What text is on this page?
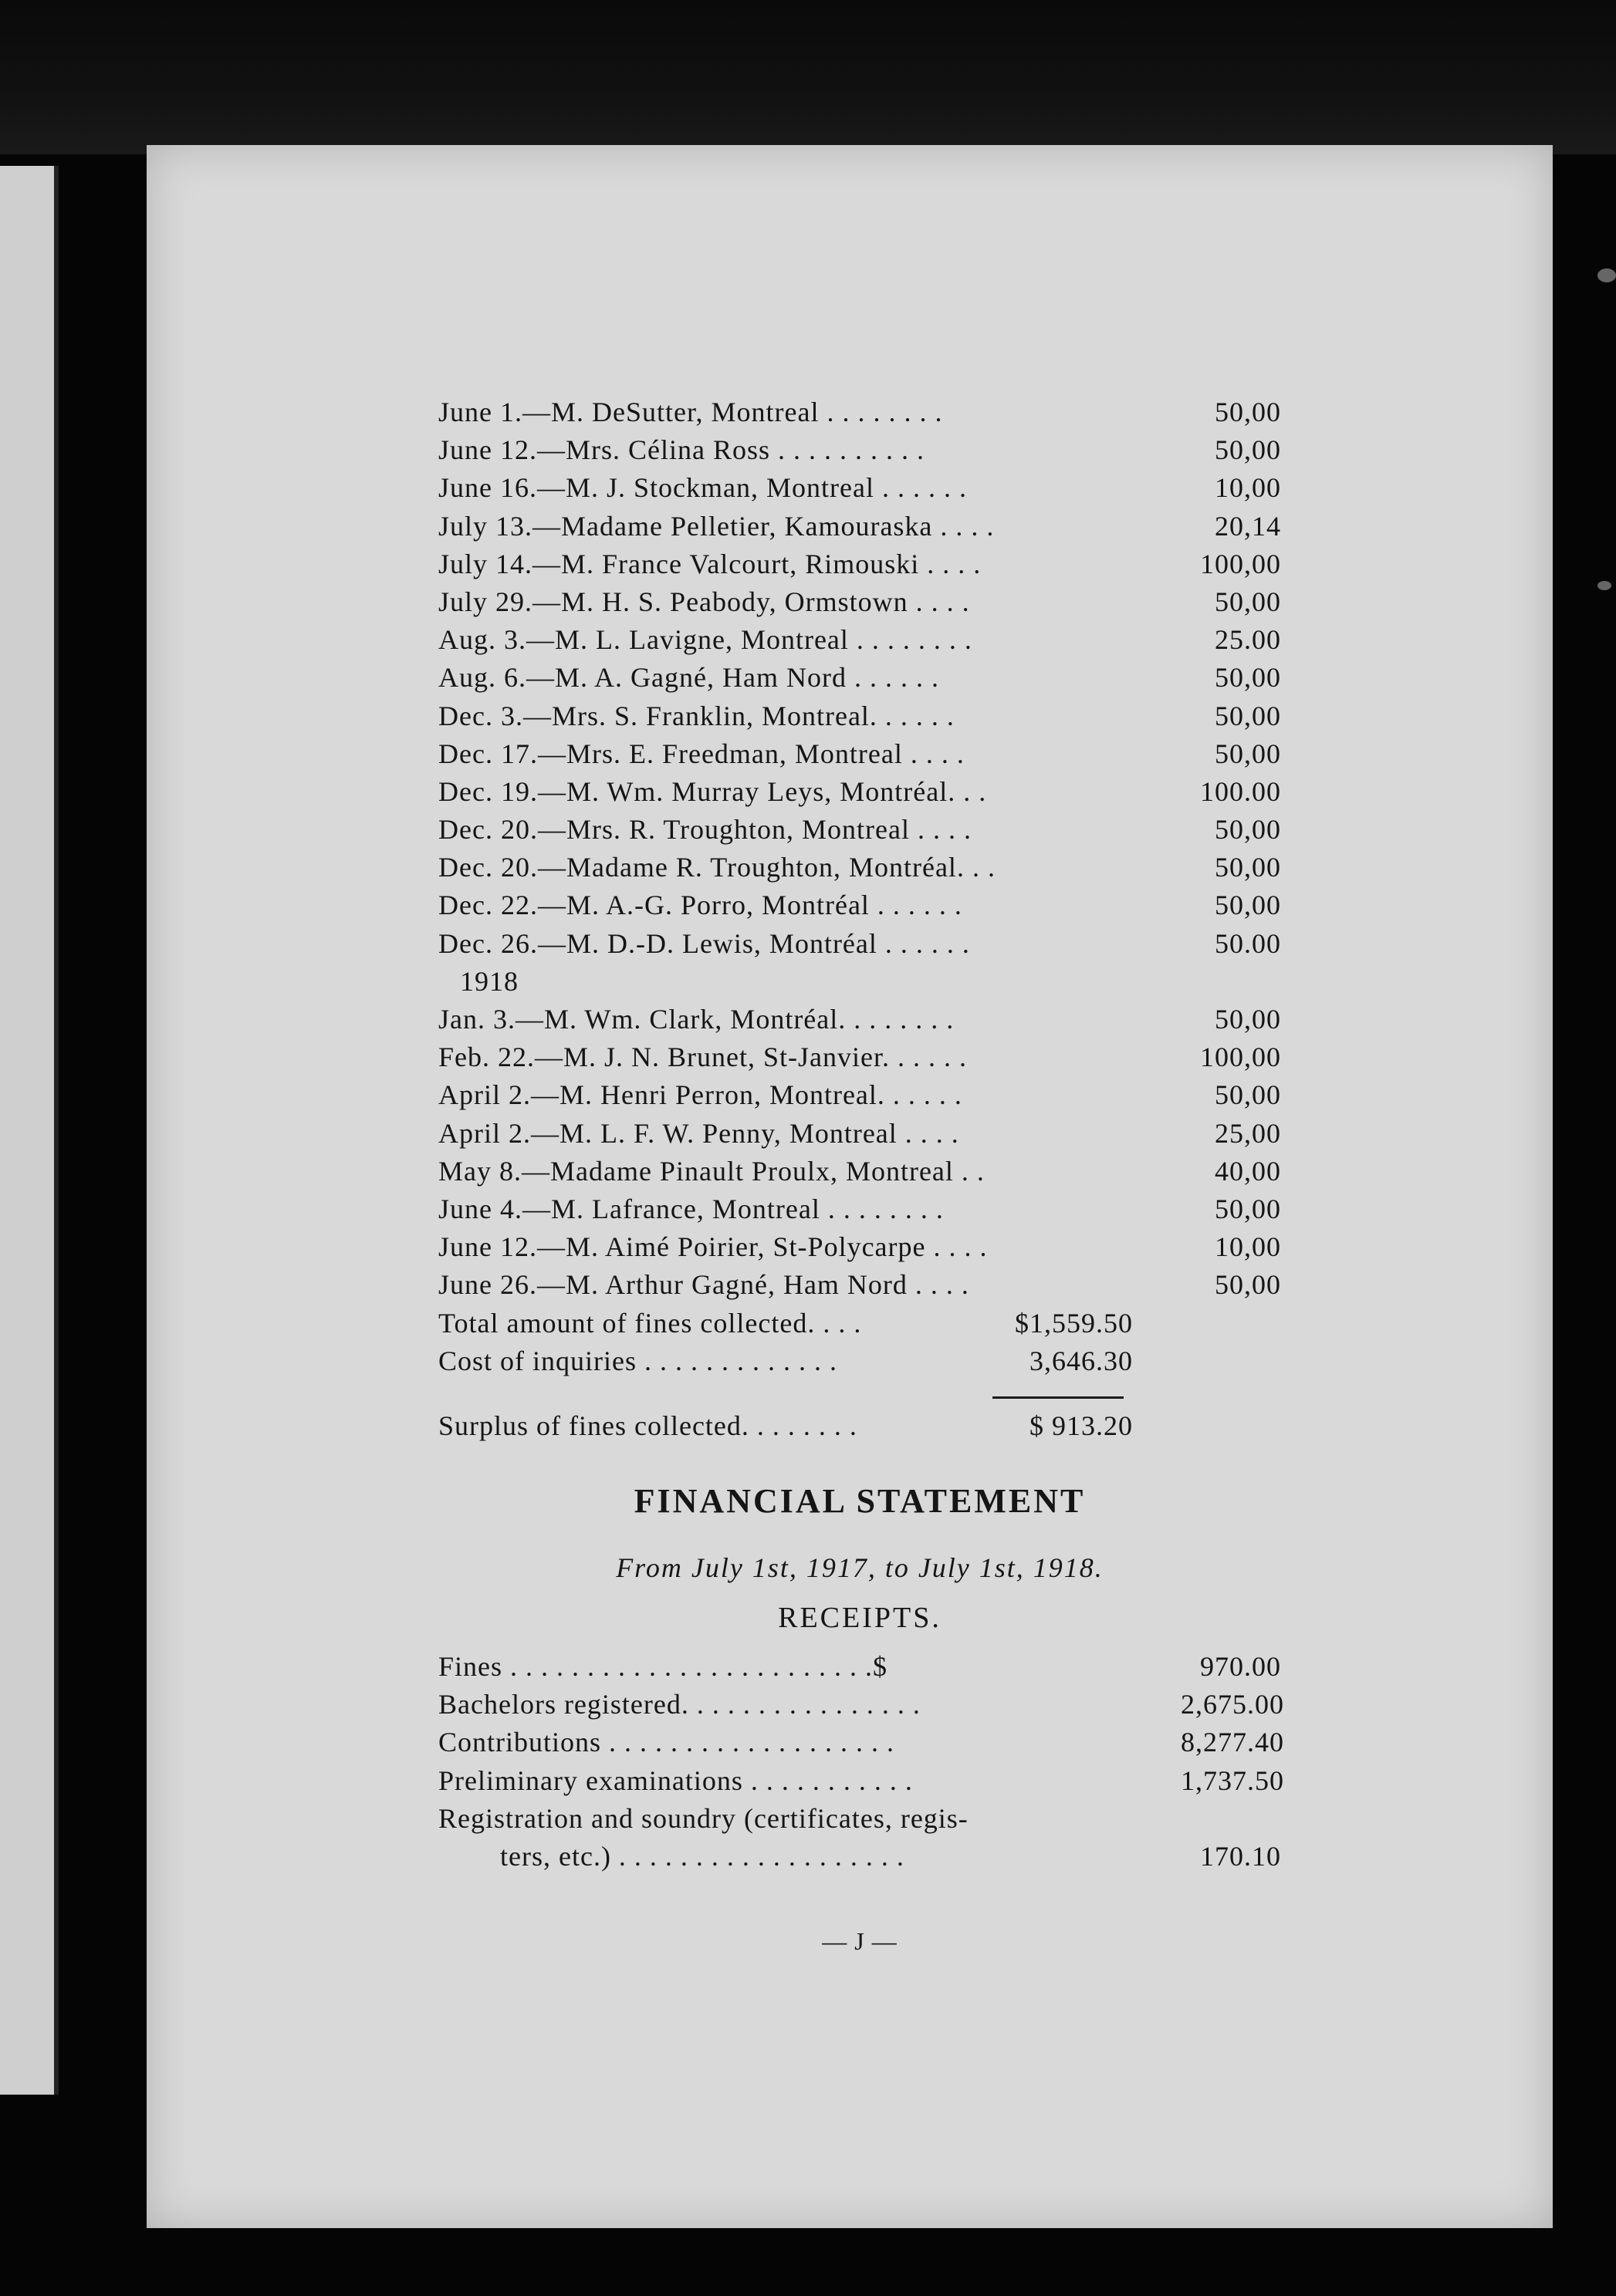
June 1.—M. DeSutter, Montreal . . . . . . . .	50,00
June 12.—Mrs. Célina Ross . . . . . . . . . .	50,00
June 16.—M. J. Stockman, Montreal . . . . . .	10,00
July 13.—Madame Pelletier, Kamouraska . . . .	20,14
July 14.—M. France Valcourt, Rimouski . . . .	100,00
July 29.—M. H. S. Peabody, Ormstown . . . .	50,00
Aug. 3.—M. L. Lavigne, Montreal . . . . . . . .	25.00
Aug. 6.—M. A. Gagné, Ham Nord . . . . . .	50,00
Dec. 3.—Mrs. S. Franklin, Montreal. . . . . .	50,00
Dec. 17.—Mrs. E. Freedman, Montreal . . . .	50,00
Dec. 19.—M. Wm. Murray Leys, Montréal. . .	100.00
Dec. 20.—Mrs. R. Troughton, Montreal . . . .	50,00
Dec. 20.—Madame R. Troughton, Montréal. . .	50,00
Dec. 22.—M. A.-G. Porro, Montréal . . . . . .	50,00
Dec. 26.—M. D.-D. Lewis, Montréal . . . . . .	50.00
1918
Jan. 3.—M. Wm. Clark, Montréal. . . . . . . .	50,00
Feb. 22.—M. J. N. Brunet, St-Janvier. . . . . .	100,00
April 2.—M. Henri Perron, Montreal. . . . . .	50,00
April 2.—M. L. F. W. Penny, Montreal . . . .	25,00
May 8.—Madame Pinault Proulx, Montreal . .	40,00
June 4.—M. Lafrance, Montreal . . . . . . . .	50,00
June 12.—M. Aimé Poirier, St-Polycarpe . . . .	10,00
June 26.—M. Arthur Gagné, Ham Nord . . . .	50,00
Total amount of fines collected. . . .	$1,559.50
Cost of inquiries . . . . . . . . . . . . .	3,646.30
Surplus of fines collected. . . . . . . .	$ 913.20
FINANCIAL STATEMENT
From July 1st, 1917, to July 1st, 1918.
RECEIPTS.
Fines . . . . . . . . . . . . . . . . . . . . . . . .$	970.00
Bachelors registered. . . . . . . . . . . . . . . .	2,675.00
Contributions . . . . . . . . . . . . . . . . . . .	8,277.40
Preliminary examinations . . . . . . . . . . .	1,737.50
Registration and soundry (certificates, regis-
ters, etc.) . . . . . . . . . . . . . . . . . . .	170.10
— J —
